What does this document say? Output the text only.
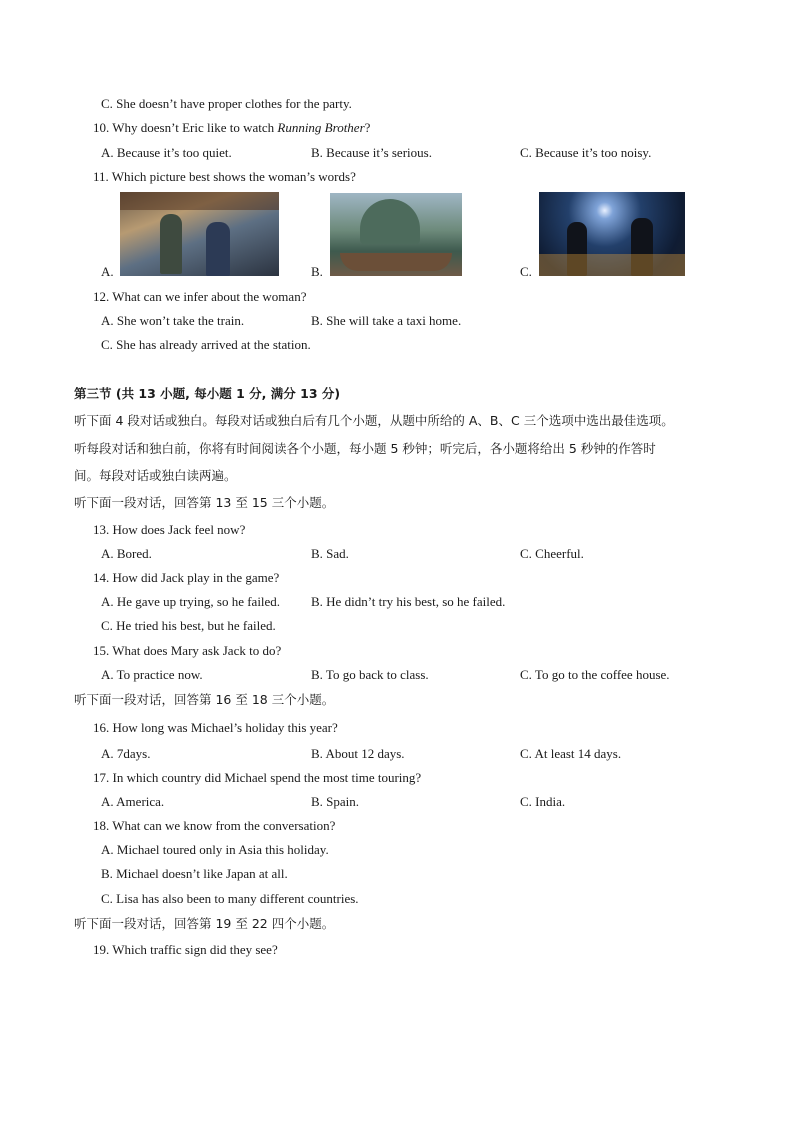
C. She doesn’t have proper clothes for the party.
10. Why doesn’t Eric like to watch Running Brother?
A. Because it’s too quiet.	B. Because it’s serious.	C. Because it’s too noisy.
11. Which picture best shows the woman’s words?
A.	B.	C.
12. What can we infer about the woman?
A. She won’t take the train.	B. She will take a taxi home.
C. She has already arrived at the station.
第三节 (共 13 小题, 每小题 1 分, 满分 13 分)
听下面 4 段对话或独白。每段对话或独白后有几个小题，从题中所给的 A、B、C 三个选项中选出最佳选项。
听每段对话和独白前，你将有时间阅读各个小题，每小题 5 秒钟；听完后，各小题将给出 5 秒钟的作答时
间。每段对话或独白读两遍。
听下面一段对话，回答第 13 至 15 三个小题。
13. How does Jack feel now?
A. Bored.	B. Sad.	C. Cheerful.
14. How did Jack play in the game?
A. He gave up trying, so he failed. B. He didn’t try his best, so he failed.
C. He tried his best, but he failed.
15. What does Mary ask Jack to do?
A. To practice now.	B. To go back to class.	C. To go to the coffee house.
听下面一段对话，回答第 16 至 18 三个小题。
16. How long was Michael’s holiday this year?
A. 7days.	B. About 12 days.	C. At least 14 days.
17. In which country did Michael spend the most time touring?
A. America.	B. Spain.	C. India.
18. What can we know from the conversation?
A. Michael toured only in Asia this holiday.
B. Michael doesn’t like Japan at all.
C. Lisa has also been to many different countries.
听下面一段对话，回答第 19 至 22 四个小题。
19. Which traffic sign did they see?
